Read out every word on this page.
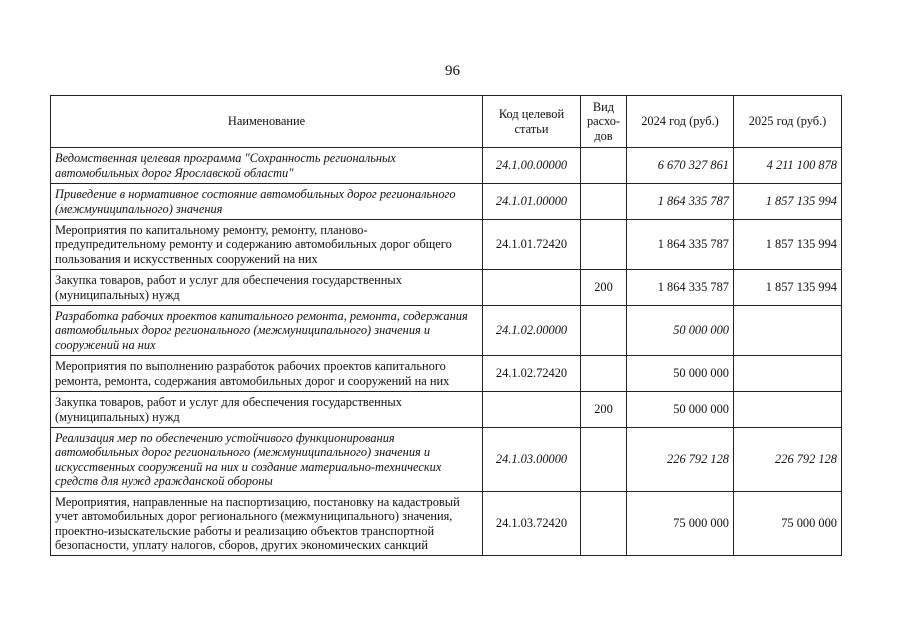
96
Наименование	Код целевой статьи	Вид расхо-дов	2024 год (руб.)	2025 год (руб.)
Ведомственная целевая программа "Сохранность региональных автомобильных дорог Ярославской области"	24.1.00.00000		6 670 327 861	4 211 100 878
Приведение в нормативное состояние автомобильных дорог регионального (межмуниципального) значения	24.1.01.00000		1 864 335 787	1 857 135 994
Мероприятия по капитальному ремонту, ремонту, планово-предупредительному ремонту и содержанию автомобильных дорог общего пользования и искусственных сооружений на них	24.1.01.72420		1 864 335 787	1 857 135 994
Закупка товаров, работ и услуг для обеспечения государственных (муниципальных) нужд		200	1 864 335 787	1 857 135 994
Разработка рабочих проектов капитального ремонта, ремонта, содержания автомобильных дорог регионального (межмуниципального) значения и сооружений на них	24.1.02.00000		50 000 000	
Мероприятия по выполнению разработок рабочих проектов капитального ремонта, ремонта, содержания автомобильных дорог и сооружений на них	24.1.02.72420		50 000 000	
Закупка товаров, работ и услуг для обеспечения государственных (муниципальных) нужд		200	50 000 000	
Реализация мер по обеспечению устойчивого функционирования автомобильных дорог регионального (межмуниципального) значения и искусственных сооружений на них и создание материально-технических средств для нужд гражданской обороны	24.1.03.00000		226 792 128	226 792 128
Мероприятия, направленные на паспортизацию, постановку на кадастровый учет автомобильных дорог регионального (межмуниципального) значения, проектно-изыскательские работы и реализацию объектов транспортной безопасности, уплату налогов, сборов, других экономических санкций	24.1.03.72420		75 000 000	75 000 000
